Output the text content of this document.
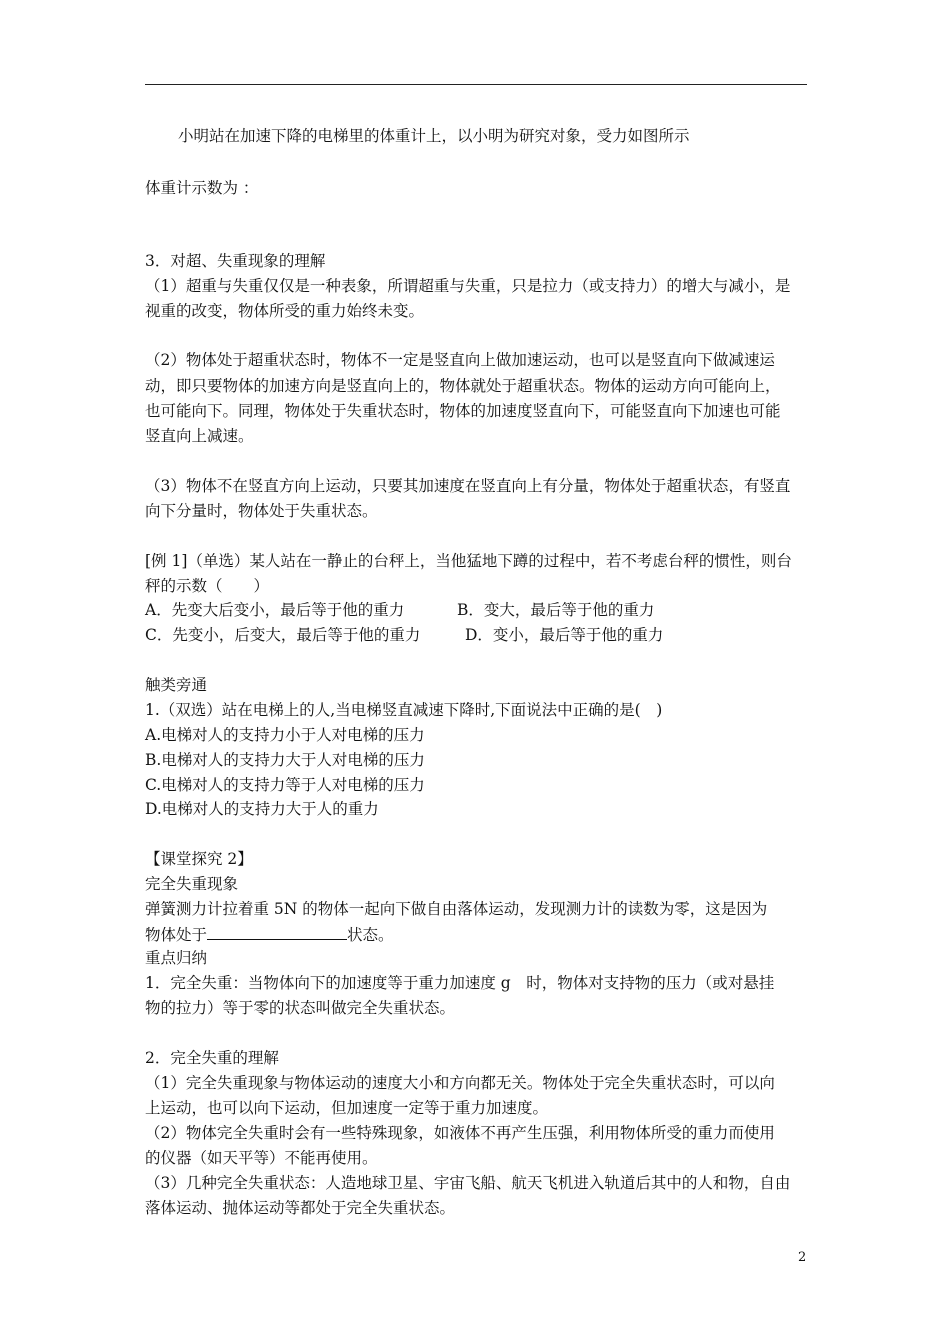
小明站在加速下降的电梯里的体重计上，以小明为研究对象，受力如图所示
体重计示数为 ：
3．对超、失重现象的理解
（1）超重与失重仅仅是一种表象，所谓超重与失重，只是拉力（或支持力）的增大与减小，是
视重的改变，物体所受的重力始终未变。
（2）物体处于超重状态时，物体不一定是竖直向上做加速运动，也可以是竖直向下做减速运
动，即只要物体的加速方向是竖直向上的，物体就处于超重状态。物体的运动方向可能向上，
也可能向下。同理，物体处于失重状态时，物体的加速度竖直向下，可能竖直向下加速也可能
竖直向上减速。
（3）物体不在竖直方向上运动，只要其加速度在竖直向上有分量，物体处于超重状态，有竖直
向下分量时，物体处于失重状态。
[例 1]（单选）某人站在一静止的台秤上，当他猛地下蹲的过程中，若不考虑台秤的惯性，则台
秤的示数（　　）
A．先变大后变小，最后等于他的重力	B．变大，最后等于他的重力
C．先变小，后变大，最后等于他的重力	D．变小，最后等于他的重力
触类旁通
1.（双选）站在电梯上的人,当电梯竖直减速下降时,下面说法中正确的是(　)
A.电梯对人的支持力小于人对电梯的压力
B.电梯对人的支持力大于人对电梯的压力
C.电梯对人的支持力等于人对电梯的压力
D.电梯对人的支持力大于人的重力
【课堂探究 2】
完全失重现象
弹簧测力计拉着重 5N 的物体一起向下做自由落体运动，发现测力计的读数为零，这是因为
物体处于	状态。
重点归纳
1．完全失重：当物体向下的加速度等于重力加速度 g　时，物体对支持物的压力（或对悬挂
物的拉力）等于零的状态叫做完全失重状态。
2．完全失重的理解
（1）完全失重现象与物体运动的速度大小和方向都无关。物体处于完全失重状态时，可以向
上运动，也可以向下运动，但加速度一定等于重力加速度。
（2）物体完全失重时会有一些特殊现象，如液体不再产生压强，利用物体所受的重力而使用
的仪器（如天平等）不能再使用。
（3）几种完全失重状态：人造地球卫星、宇宙飞船、航天飞机进入轨道后其中的人和物，自由
落体运动、抛体运动等都处于完全失重状态。
2
